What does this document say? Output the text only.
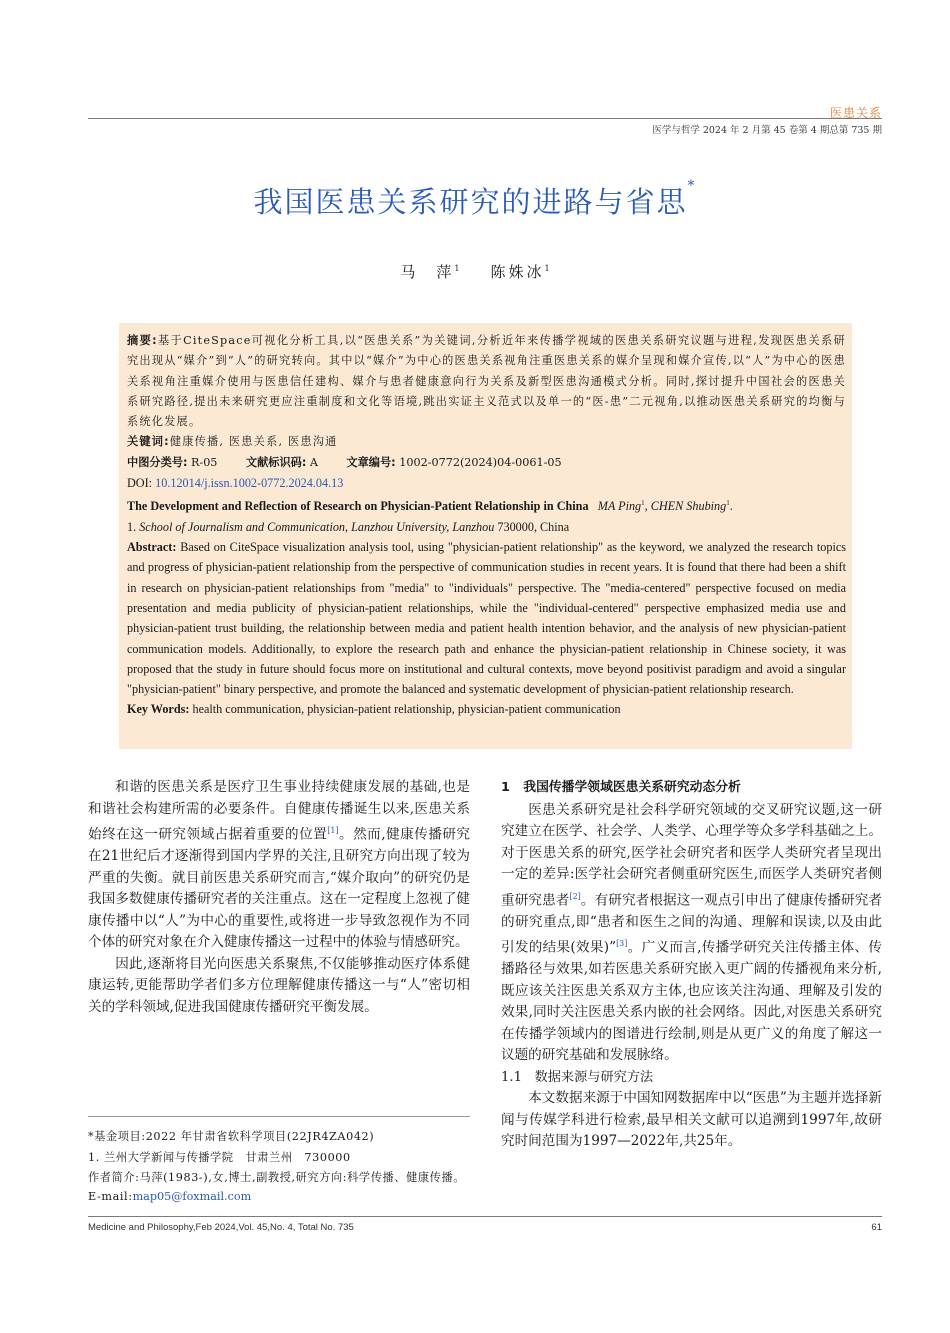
医患关系
医学与哲学 2024 年 2 月第 45 卷第 4 期总第 735 期
我国医患关系研究的进路与省思*
马　萍$^1$ 陈姝冰$^1$

摘要:基于CiteSpace可视化分析工具,以“医患关系”为关键词,分析近年来传播学视域的医患关系研究议题与进程,发现医患关系研究出现从“媒介”到“人”的研究转向。其中以“媒介”为中心的医患关系视角注重医患关系的媒介呈现和媒介宣传,以“人”为中心的医患关系视角注重媒介使用与医患信任建构、媒介与患者健康意向行为关系及新型医患沟通模式分析。同时,探讨提升中国社会的医患关系研究路径,提出未来研究更应注重制度和文化等语境,跳出实证主义范式以及单一的“医-患”二元视角,以推动医患关系研究的均衡与系统化发展。

关键词:健康传播, 医患关系, 医患沟通

中图分类号: R-05	文献标识码: A	文章编号: 1002-0772(2024)04-0061-05

DOI: 10.12014/j.issn.1002-0772.2024.04.13

The Development and Reflection of Research on Physician-Patient Relationship in China MA Ping$^1$, CHEN Shubing$^1$.

1. School of Journalism and Communication, Lanzhou University, Lanzhou 730000, China

Abstract: Based on CiteSpace visualization analysis tool, using "physician-patient relationship" as the keyword, we analyzed the research topics and progress of physician-patient relationship from the perspective of communication studies in recent years. It is found that there had been a shift in research on physician-patient relationships from "media" to "individuals" perspective. The "media-centered" perspective focused on media presentation and media publicity of physician-patient relationships, while the "individual-centered" perspective emphasized media use and physician-patient trust building, the relationship between media and patient health intention behavior, and the analysis of new physician-patient communication models. Additionally, to explore the research path and enhance the physician-patient relationship in Chinese society, it was proposed that the study in future should focus more on institutional and cultural contexts, move beyond positivist paradigm and avoid a singular "physician-patient" binary perspective, and promote the balanced and systematic development of physician-patient relationship research.

Key Words: health communication, physician-patient relationship, physician-patient communication

和谐的医患关系是医疗卫生事业持续健康发展的基础,也是和谐社会构建所需的必要条件。自健康传播诞生以来,医患关系始终在这一研究领域占据着重要的位置[1]。然而,健康传播研究在21世纪后才逐渐得到国内学界的关注,且研究方向出现了较为严重的失衡。就目前医患关系研究而言,“媒介取向”的研究仍是我国多数健康传播研究者的关注重点。这在一定程度上忽视了健康传播中以“人”为中心的重要性,或将进一步导致忽视作为不同个体的研究对象在介入健康传播这一过程中的体验与情感研究。

因此,逐渐将目光向医患关系聚焦,不仅能够推动医疗体系健康运转,更能帮助学者们多方位理解健康传播这一与“人”密切相关的学科领域,促进我国健康传播研究平衡发展。

*基金项目:2022 年甘肃省软科学项目(22JR4ZA042)

1. 兰州大学新闻与传播学院　甘肃兰州　730000

作者简介:马萍(1983-),女,博士,副教授,研究方向:科学传播、健康传播。E-mail:map05@foxmail.com

1 我国传播学领域医患关系研究动态分析

医患关系研究是社会科学研究领域的交叉研究议题,这一研究建立在医学、社会学、人类学、心理学等众多学科基础之上。对于医患关系的研究,医学社会研究者和医学人类研究者呈现出一定的差异:医学社会研究者侧重研究医生,而医学人类研究者侧重研究患者[2]。有研究者根据这一观点引申出了健康传播研究者的研究重点,即“患者和医生之间的沟通、理解和误读,以及由此引发的结果(效果)”[3]。广义而言,传播学研究关注传播主体、传播路径与效果,如若医患关系研究嵌入更广阔的传播视角来分析,既应该关注医患关系双方主体,也应该关注沟通、理解及引发的效果,同时关注医患关系内嵌的社会网络。因此,对医患关系研究在传播学领域内的图谱进行绘制,则是从更广义的角度了解这一议题的研究基础和发展脉络。

1.1 数据来源与研究方法

本文数据来源于中国知网数据库中以“医患”为主题并选择新闻与传媒学科进行检索,最早相关文献可以追溯到1997年,故研究时间范围为1997—2022年,共25年。

Medicine and Philosophy,Feb 2024,Vol. 45,No. 4, Total No. 735	61
